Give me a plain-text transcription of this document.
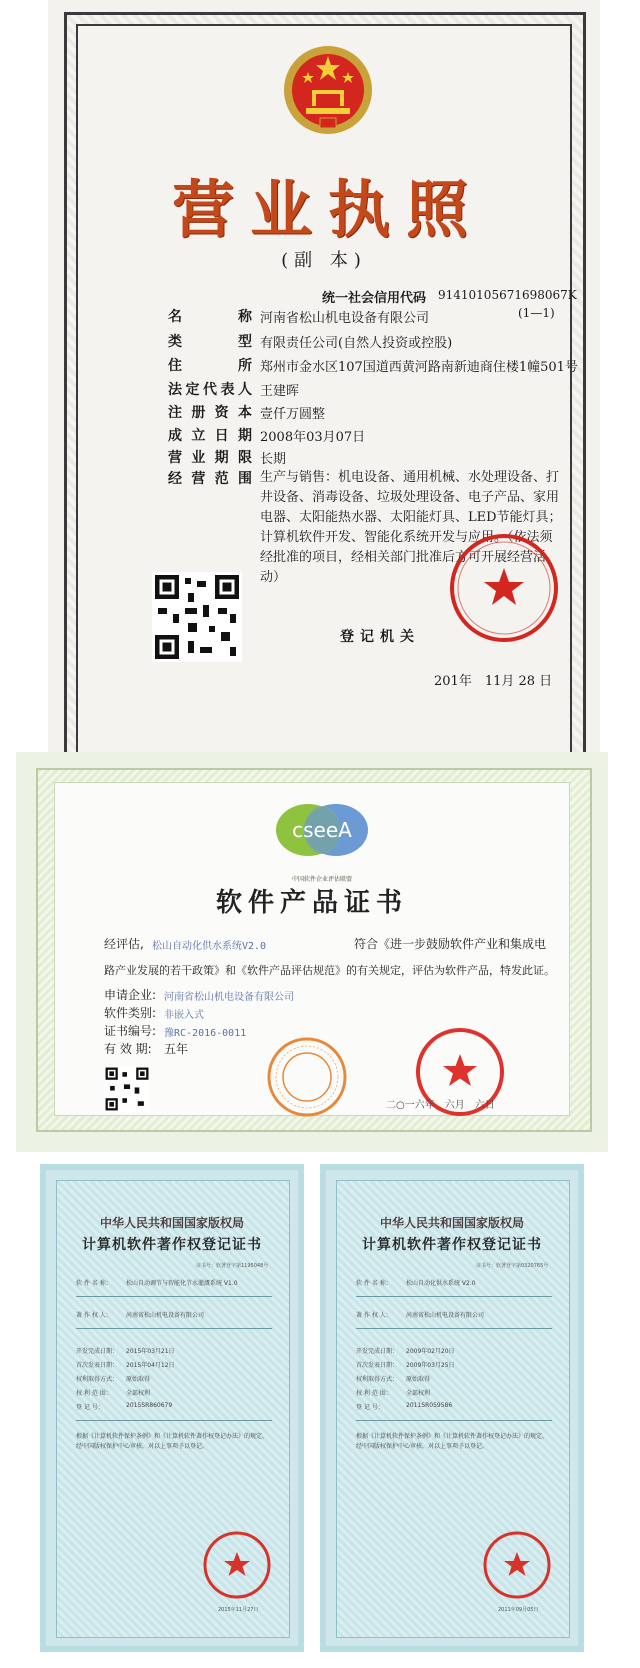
营业执照
(副 本)
统一社会信用代码 91410105671698067K
(1—1)
名称 河南省松山机电设备有限公司
类型 有限责任公司(自然人投资或控股)
住所 郑州市金水区107国道西黄河路南新迪商住楼1幢501号
法定代表人 王建晖
注册资本 壹仟万圆整
成立日期 2008年03月07日
营业期限 长期
经营范围 生产与销售：机电设备、通用机械、水处理设备、打井设备、消毒设备、垃圾处理设备、电子产品、家用电器、太阳能热水器、太阳能灯具、LED节能灯具；计算机软件开发、智能化系统开发与应用。（依法须经批准的项目，经相关部门批准后方可开展经营活动）
登记机关
201年　11月 28 日
cseeA
中国软件企业评估联盟
软件产品证书
经评估, 松山自动化供水系统V2.0	符合《进一步鼓励软件产业和集成电
路产业发展的若干政策》和《软件产品评估规范》的有关规定，评估为软件产品，特发此证。
申请企业: 河南省松山机电设备有限公司
软件类别: 非嵌入式
证书编号: 豫RC-2016-0011
有 效 期: 五年
二○一六年　六月　六日
中华人民共和国国家版权局
计算机软件著作权登记证书
证书号：软著登字第1195048号
软 件 名 称： 松山自动调节与智能化节水灌溉系统 V1.0
著 作 权 人： 河南省松山机电设备有限公司
开发完成日期： 2015年03月21日
首次发表日期： 2015年04月12日
权利取得方式： 原始取得
权 利 范 围： 全部权利
登 记 号：	2015SR860679
根据《计算机软件保护条例》和《计算机软件著作权登记办法》的规定，经中国版权保护中心审核，对以上事项予以登记。
2015年11月27日
中华人民共和国国家版权局
计算机软件著作权登记证书
证书号：软著登字第0320765号
软 件 名 称： 松山自动化供水系统 V2.0
著 作 权 人： 河南省松山机电设备有限公司
开发完成日期： 2009年02月20日
首次发表日期： 2009年03月25日
权利取得方式： 原始取得
权 利 范 围： 全部权利
登 记 号：	2011SR059586
根据《计算机软件保护条例》和《计算机软件著作权登记办法》的规定，经中国版权保护中心审核，对以上事项予以登记。
2011年09月05日
